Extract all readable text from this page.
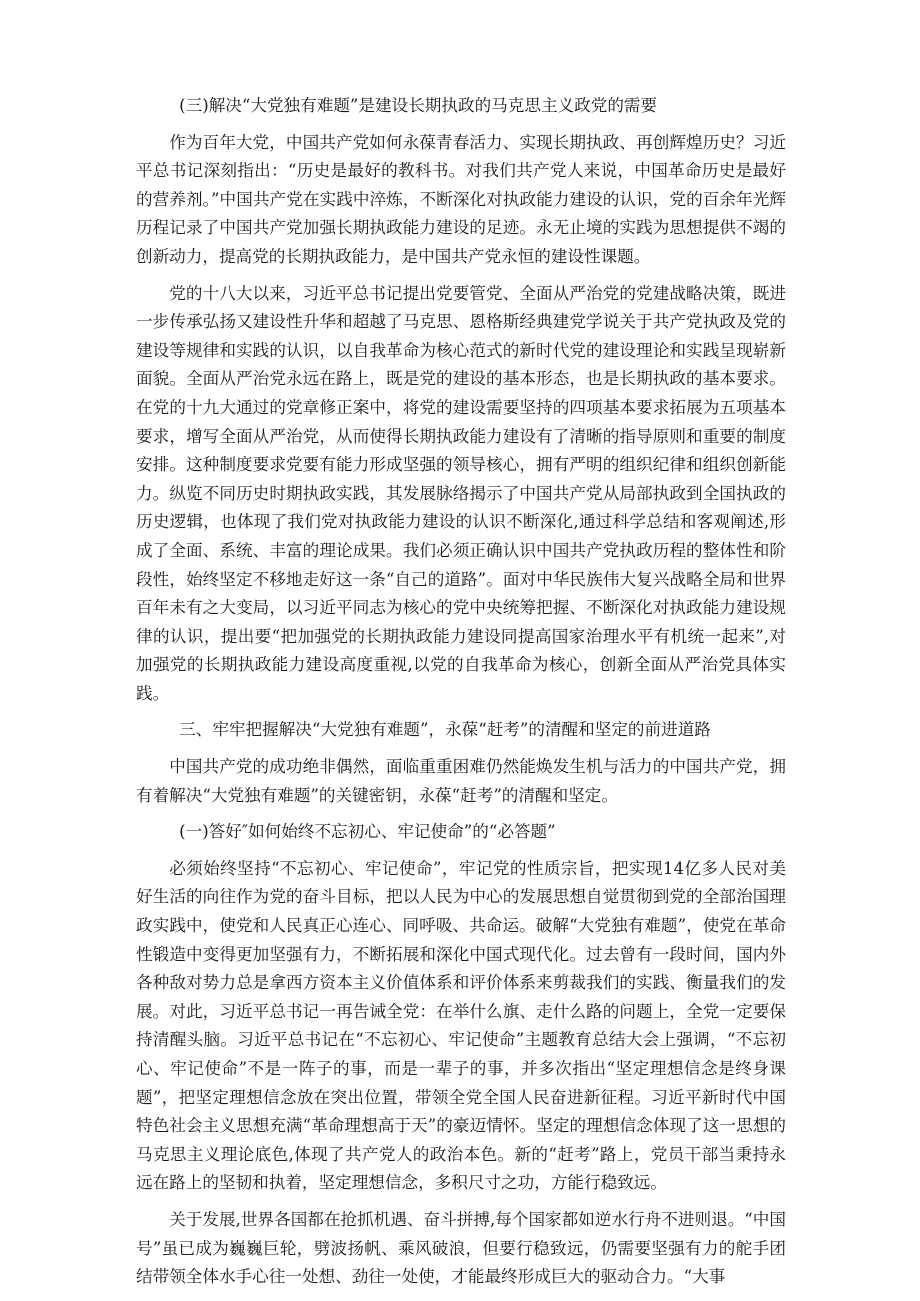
(三)解决“大党独有难题”是建设长期执政的马克思主义政党的需要

作为百年大党，中国共产党如何永葆青春活力、实现长期执政、再创辉煌历史？习近平总书记深刻指出：“历史是最好的教科书。对我们共产党人来说，中国革命历史是最好的营养剂。”中国共产党在实践中淬炼，不断深化对执政能力建设的认识，党的百余年光辉历程记录了中国共产党加强长期执政能力建设的足迹。永无止境的实践为思想提供不竭的创新动力，提高党的长期执政能力，是中国共产党永恒的建设性课题。

党的十八大以来，习近平总书记提出党要管党、全面从严治党的党建战略决策，既进一步传承弘扬又建设性升华和超越了马克思、恩格斯经典建党学说关于共产党执政及党的建设等规律和实践的认识，以自我革命为核心范式的新时代党的建设理论和实践呈现崭新面貌。全面从严治党永远在路上，既是党的建设的基本形态，也是长期执政的基本要求。在党的十九大通过的党章修正案中，将党的建设需要坚持的四项基本要求拓展为五项基本要求，增写全面从严治党，从而使得长期执政能力建设有了清晰的指导原则和重要的制度安排。这种制度要求党要有能力形成坚强的领导核心，拥有严明的组织纪律和组织创新能力。纵览不同历史时期执政实践，其发展脉络揭示了中国共产党从局部执政到全国执政的历史逻辑，也体现了我们党对执政能力建设的认识不断深化,通过科学总结和客观阐述,形成了全面、系统、丰富的理论成果。我们必须正确认识中国共产党执政历程的整体性和阶段性，始终坚定不移地走好这一条“自己的道路”。面对中华民族伟大复兴战略全局和世界百年未有之大变局，以习近平同志为核心的党中央统筹把握、不断深化对执政能力建设规律的认识，提出要“把加强党的长期执政能力建设同提高国家治理水平有机统一起来”,对加强党的长期执政能力建设高度重视,以党的自我革命为核心，创新全面从严治党具体实践。

三、牢牢把握解决“大党独有难题”，永葆“赶考”的清醒和坚定的前进道路

中国共产党的成功绝非偶然，面临重重困难仍然能焕发生机与活力的中国共产党，拥有着解决“大党独有难题”的关键密钥，永葆“赶考”的清醒和坚定。

(一)答好″如何始终不忘初心、牢记使命”的“必答题”

必须始终坚持“不忘初心、牢记使命”，牢记党的性质宗旨，把实现14亿多人民对美好生活的向往作为党的奋斗目标，把以人民为中心的发展思想自觉贯彻到党的全部治国理政实践中，使党和人民真正心连心、同呼吸、共命运。破解“大党独有难题”，使党在革命性锻造中变得更加坚强有力，不断拓展和深化中国式现代化。过去曾有一段时间，国内外各种敌对势力总是拿西方资本主义价值体系和评价体系来剪裁我们的实践、衡量我们的发展。对此，习近平总书记一再告诫全党：在举什么旗、走什么路的问题上，全党一定要保持清醒头脑。习近平总书记在“不忘初心、牢记使命”主题教育总结大会上强调，“不忘初心、牢记使命”不是一阵子的事，而是一辈子的事，并多次指出“坚定理想信念是终身课题”，把坚定理想信念放在突出位置，带领全党全国人民奋进新征程。习近平新时代中国特色社会主义思想充满“革命理想高于天”的豪迈情怀。坚定的理想信念体现了这一思想的马克思主义理论底色,体现了共产党人的政治本色。新的“赶考”路上，党员干部当秉持永远在路上的坚韧和执着，坚定理想信念，多积尺寸之功，方能行稳致远。

关于发展,世界各国都在抢抓机遇、奋斗拼搏,每个国家都如逆水行舟不进则退。“中国号”虽已成为巍巍巨轮，劈波扬帆、乘风破浪，但要行稳致远，仍需要坚强有力的舵手团结带领全体水手心往一处想、劲往一处使，才能最终形成巨大的驱动合力。“大事
